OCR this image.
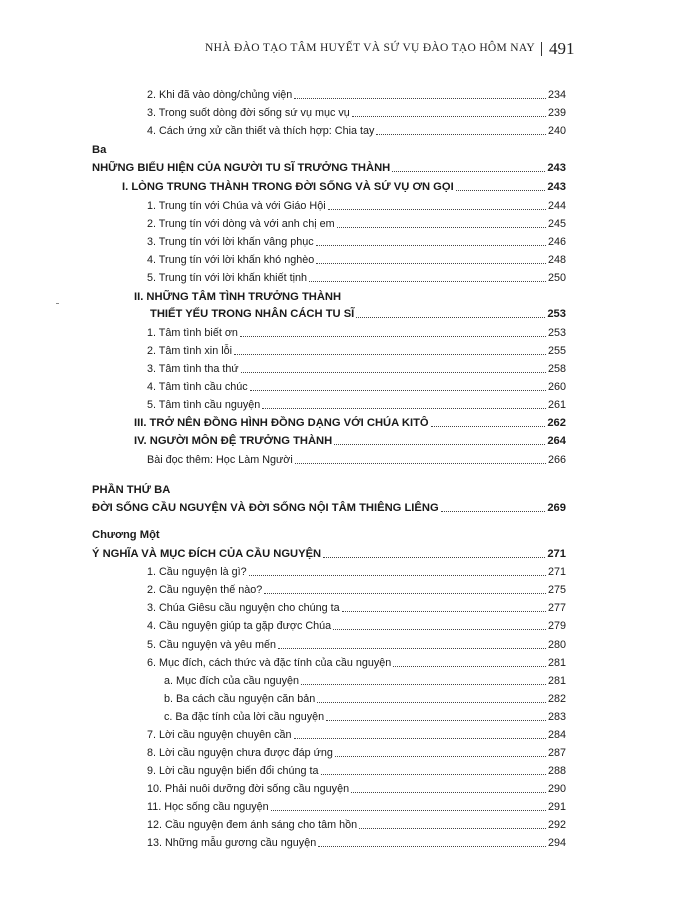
NHÀ ĐÀO TẠO TÂM HUYẾT VÀ SỨ VỤ ĐÀO TẠO HÔM NAY 491
2. Khi đã vào dòng/chủng viện	234
3. Trong suốt dòng đời sống sứ vụ mục vụ	239
4. Cách ứng xử cần thiết và thích hợp: Chia tay	240
Ba
NHỮNG BIỂU HIỆN CỦA NGƯỜI TU SĨ TRƯỞNG THÀNH	243
I. LÒNG TRUNG THÀNH TRONG ĐỜI SỐNG VÀ SỨ VỤ ƠN GỌI	243
1. Trung tín với Chúa và với Giáo Hội	244
2. Trung tín với dòng và với anh chị em	245
3. Trung tín với lời khấn vâng phục	246
4. Trung tín với lời khấn khó nghèo	248
5. Trung tín với lời khấn khiết tịnh	250
II. NHỮNG TÂM TÌNH TRƯỞNG THÀNH
THIẾT YẾU TRONG NHÂN CÁCH TU SĨ	253
1. Tâm tình biết ơn	253
2. Tâm tình xin lỗi	255
3. Tâm tình tha thứ	258
4. Tâm tình cầu chúc	260
5. Tâm tình cầu nguyện	261
III. TRỞ NÊN ĐỒNG HÌNH ĐỒNG DẠNG VỚI CHÚA KITÔ	262
IV. NGƯỜI MÔN ĐỆ TRƯỞNG THÀNH	264
Bài đọc thêm: Học Làm Người	266
PHẦN THỨ BA
ĐỜI SỐNG CẦU NGUYỆN VÀ ĐỜI SỐNG NỘI TÂM THIÊNG LIÊNG	269
Chương Một
Ý NGHĨA VÀ MỤC ĐÍCH CỦA CẦU NGUYỆN	271
1. Cầu nguyện là gì?	271
2. Cầu nguyện thế nào?	275
3. Chúa Giêsu cầu nguyện cho chúng ta	277
4. Cầu nguyện giúp ta gặp được Chúa	279
5. Cầu nguyện và yêu mến	280
6. Mục đích, cách thức và đặc tính của cầu nguyện	281
a. Mục đích của cầu nguyện	281
b. Ba cách cầu nguyện căn bản	282
c. Ba đặc tính của lời cầu nguyện	283
7. Lời cầu nguyện chuyên cần	284
8. Lời cầu nguyện chưa được đáp ứng	287
9. Lời cầu nguyện biến đổi chúng ta	288
10. Phải nuôi dưỡng đời sống cầu nguyện	290
11. Học sống cầu nguyện	291
12. Cầu nguyện đem ánh sáng cho tâm hồn	292
13. Những mẫu gương cầu nguyện	294
